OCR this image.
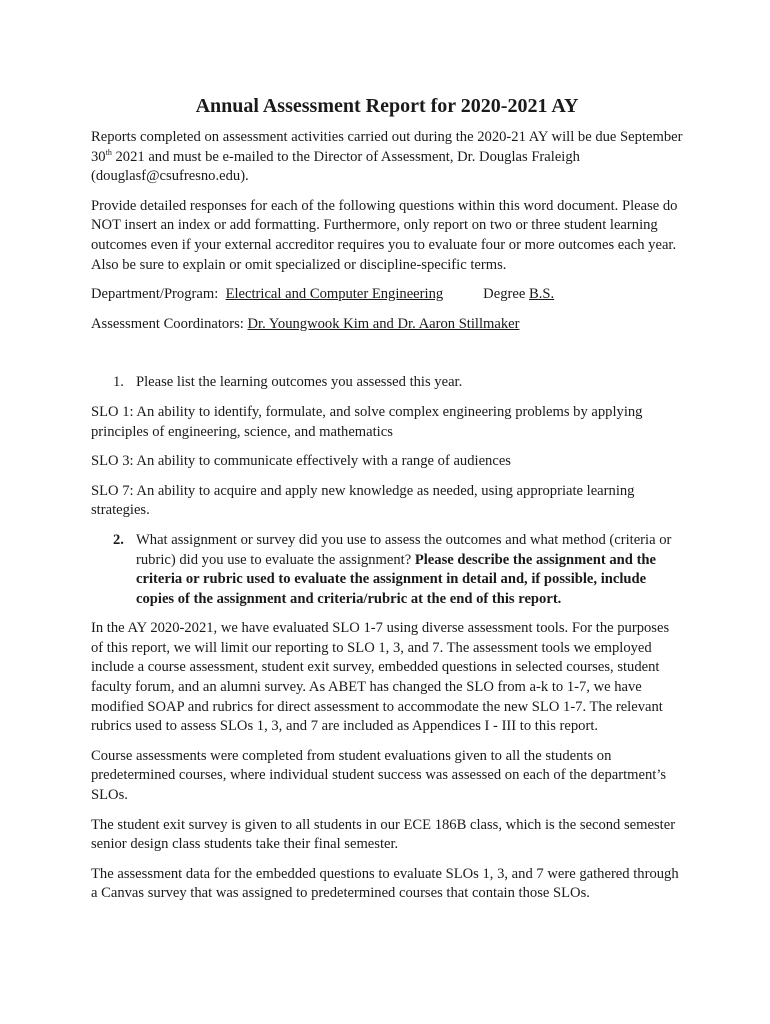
Annual Assessment Report for 2020-2021 AY

Reports completed on assessment activities carried out during the 2020-21 AY will be due September 30th 2021 and must be e-mailed to the Director of Assessment, Dr. Douglas Fraleigh (douglasf@csufresno.edu).

Provide detailed responses for each of the following questions within this word document. Please do NOT insert an index or add formatting. Furthermore, only report on two or three student learning outcomes even if your external accreditor requires you to evaluate four or more outcomes each year. Also be sure to explain or omit specialized or discipline-specific terms.

Department/Program: Electrical and Computer Engineering	Degree B.S.

Assessment Coordinators: Dr. Youngwook Kim and Dr. Aaron Stillmaker

1. Please list the learning outcomes you assessed this year.

SLO 1: An ability to identify, formulate, and solve complex engineering problems by applying principles of engineering, science, and mathematics

SLO 3: An ability to communicate effectively with a range of audiences

SLO 7: An ability to acquire and apply new knowledge as needed, using appropriate learning strategies.

2. What assignment or survey did you use to assess the outcomes and what method (criteria or rubric) did you use to evaluate the assignment? Please describe the assignment and the criteria or rubric used to evaluate the assignment in detail and, if possible, include copies of the assignment and criteria/rubric at the end of this report.

In the AY 2020-2021, we have evaluated SLO 1-7 using diverse assessment tools. For the purposes of this report, we will limit our reporting to SLO 1, 3, and 7. The assessment tools we employed include a course assessment, student exit survey, embedded questions in selected courses, student faculty forum, and an alumni survey. As ABET has changed the SLO from a-k to 1-7, we have modified SOAP and rubrics for direct assessment to accommodate the new SLO 1-7. The relevant rubrics used to assess SLOs 1, 3, and 7 are included as Appendices I - III to this report.

Course assessments were completed from student evaluations given to all the students on predetermined courses, where individual student success was assessed on each of the department’s SLOs.

The student exit survey is given to all students in our ECE 186B class, which is the second semester senior design class students take their final semester.

The assessment data for the embedded questions to evaluate SLOs 1, 3, and 7 were gathered through a Canvas survey that was assigned to predetermined courses that contain those SLOs.
